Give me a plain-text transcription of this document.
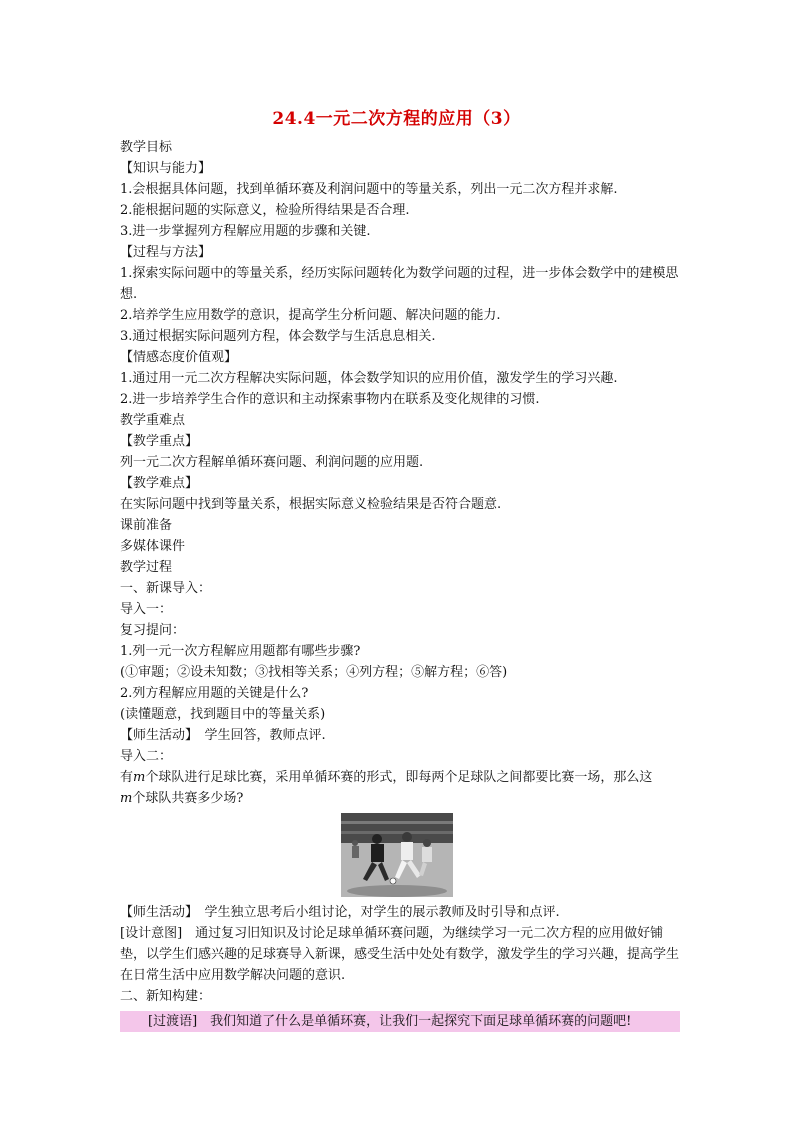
24.4一元二次方程的应用（3）
教学目标
【知识与能力】
1.会根据具体问题，找到单循环赛及利润问题中的等量关系，列出一元二次方程并求解.
2.能根据问题的实际意义，检验所得结果是否合理.
3.进一步掌握列方程解应用题的步骤和关键.
【过程与方法】
1.探索实际问题中的等量关系，经历实际问题转化为数学问题的过程，进一步体会数学中的建模思想.
2.培养学生应用数学的意识，提高学生分析问题、解决问题的能力.
3.通过根据实际问题列方程，体会数学与生活息息相关.
【情感态度价值观】
1.通过用一元二次方程解决实际问题，体会数学知识的应用价值，激发学生的学习兴趣.
2.进一步培养学生合作的意识和主动探索事物内在联系及变化规律的习惯.
教学重难点
【教学重点】
列一元二次方程解单循环赛问题、利润问题的应用题.
【教学难点】
在实际问题中找到等量关系，根据实际意义检验结果是否符合题意.
课前准备
多媒体课件
教学过程
一、新课导入：
导入一：
复习提问：
1.列一元一次方程解应用题都有哪些步骤?
(①审题；②设未知数；③找相等关系；④列方程；⑤解方程；⑥答)
2.列方程解应用题的关键是什么?
(读懂题意，找到题目中的等量关系)
【师生活动】　学生回答，教师点评.
导入二：
有m个球队进行足球比赛，采用单循环赛的形式，即每两个足球队之间都要比赛一场，那么这
m个球队共赛多少场?
【师生活动】　学生独立思考后小组讨论，对学生的展示教师及时引导和点评.
[设计意图]　通过复习旧知识及讨论足球单循环赛问题，为继续学习一元二次方程的应用做好铺垫，以学生们感兴趣的足球赛导入新课，感受生活中处处有数学，激发学生的学习兴趣，提高学生在日常生活中应用数学解决问题的意识.
二、新知构建：
[过渡语]　我们知道了什么是单循环赛，让我们一起探究下面足球单循环赛的问题吧!
